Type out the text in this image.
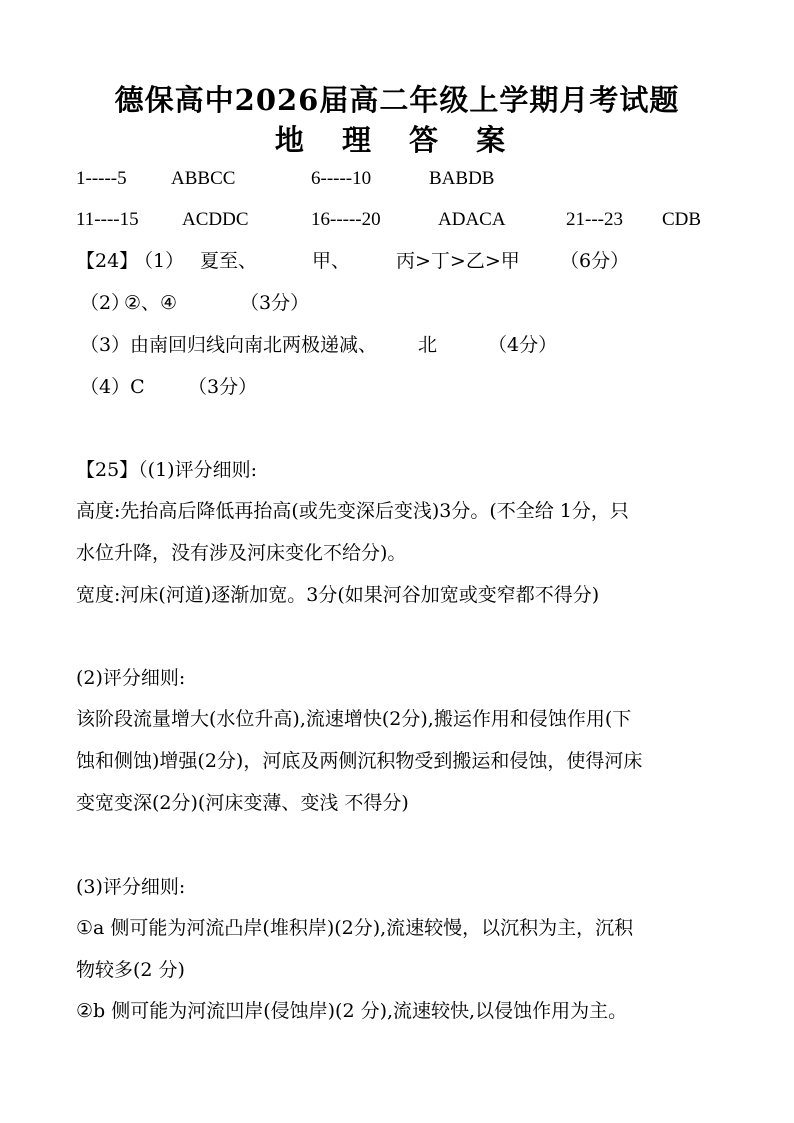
德保高中2026届高二年级上学期月考试题
地 理 答 案
1-----5 ABBCC	6-----10	BABDB
11----15 ACDDC	16-----20	ADACA	21---23 CDB
【24】
（1） 夏至、	甲、 丙>丁>乙>甲 （6分）
（2）
②、④	（3分）
（3） 由南回归线向南北两极递减、 北	（4分）
（4）C （3分）
【25】（(1)评分细则:
高度:先抬高后降低再抬高(或先变深后变浅)3分。(不全给 1分，只
水位升降，没有涉及河床变化不给分)。
宽度:河床(河道)逐渐加宽。3分(如果河谷加宽或变窄都不得分)
(2)评分细则:
该阶段流量增大(水位升高),流速增快(2分),搬运作用和侵蚀作用(下
蚀和侧蚀)增强(2分)，河底及两侧沉积物受到搬运和侵蚀，使得河床
变宽变深(2分)(河床变薄、变浅 不得分)
(3)评分细则:
①a 侧可能为河流凸岸(堆积岸)(2分),流速较慢，以沉积为主，沉积
物较多(2 分)
②b 侧可能为河流凹岸(侵蚀岸)(2 分),流速较快,以侵蚀作用为主。
